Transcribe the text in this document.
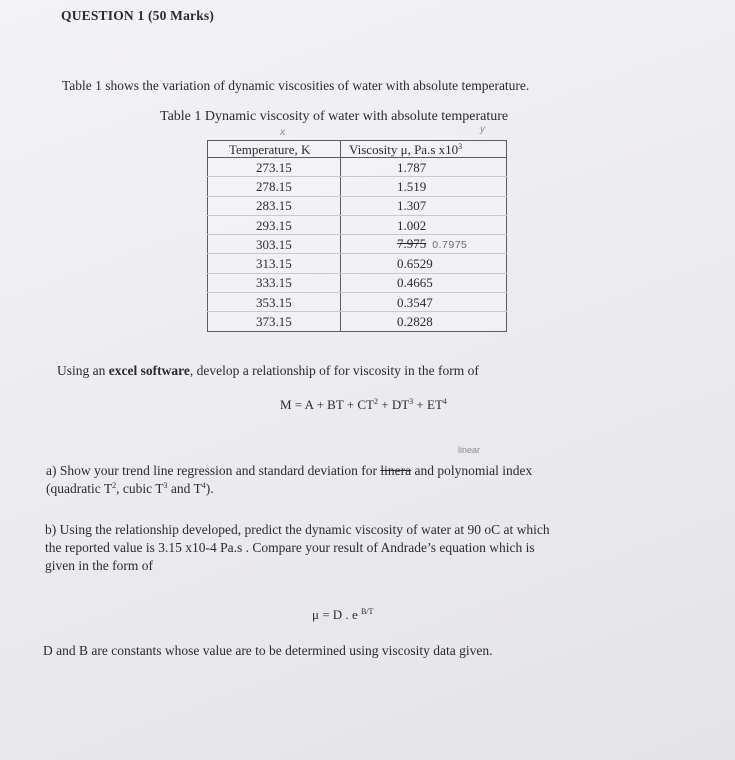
QUESTION 1 (50 Marks)
Table 1 shows the variation of dynamic viscosities of water with absolute temperature.
Table 1 Dynamic viscosity of water with absolute temperature
x	y
Temperature, K	Viscosity μ, Pa.s $x10^3$
273.15	1.787
278.15	1.519
283.15	1.307
293.15	1.002
303.15	7.975 0.7975
313.15	0.6529
333.15	0.4665
353.15	0.3547
373.15	0.2828
Using an excel software, develop a relationship of for viscosity in the form of
M = A + BT + $CT^2 + DT^3 + ET^4$
linear
a) Show your trend line regression and standard deviation for linera and polynomial index
(quadratic $T^2$, cubic $T^3$ and $T^4$).
b) Using the relationship developed, predict the dynamic viscosity of water at 90 oC at which
the reported value is 3.15 x10-4 Pa.s . Compare your result of Andrade’s equation which is
given in the form of
μ = D . e $^{B/T}$
D and B are constants whose value are to be determined using viscosity data given.
